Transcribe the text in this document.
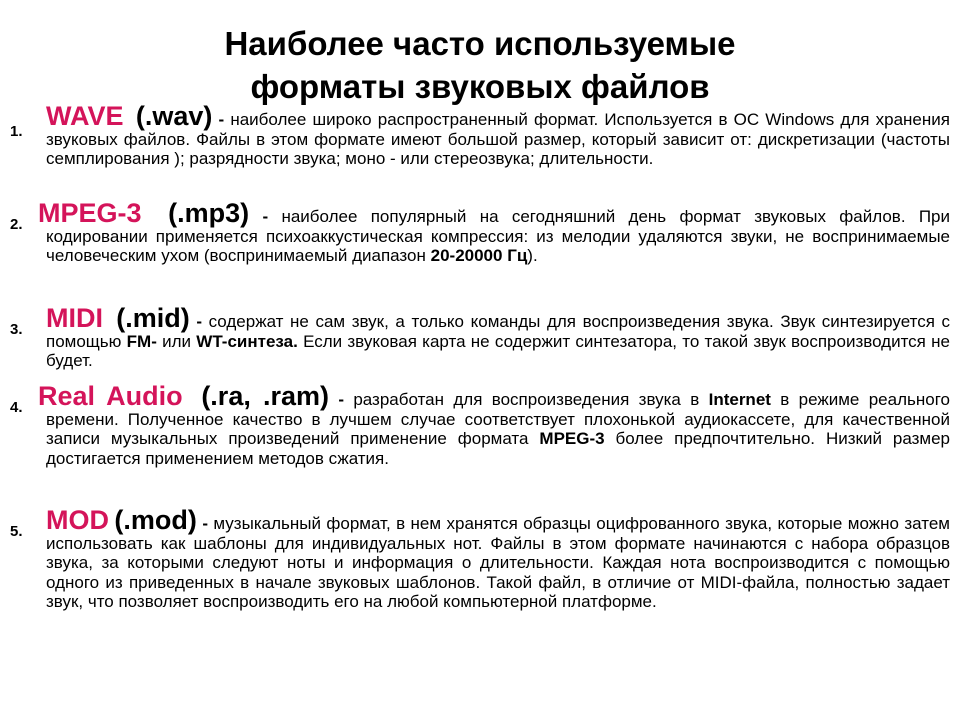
Наиболее часто используемые
форматы звуковых файлов
1.
WAVE (.wav) - наиболее широко распространенный формат. Используется в ОС Windows для хранения звуковых файлов. Файлы в этом формате имеют большой размер, который зависит от: дискретизации (частоты семплирования ); разрядности звука; моно - или стереозвука; длительности.
2. MPEG-3 (.mp3) - наиболее популярный на сегодняшний день формат звуковых файлов. При кодировании применяется психоаккустическая компрессия: из мелодии удаляются звуки, не воспринимаемые человеческим ухом (воспринимаемый диапазон 20-20000 Гц).
3. MIDI (.mid) - содержат не сам звук, а только команды для воспроизведения звука. Звук синтезируется с помощью FM- или WT-синтеза. Если звуковая карта не содержит синтезатора, то такой звук воспроизводится не будет.
4. Real Audio (.ra, .ram) - разработан для воспроизведения звука в Internet в режиме реального времени. Полученное качество в лучшем случае соответствует плохонькой аудиокассете, для качественной записи музыкальных произведений применение формата MPEG-3 более предпочтительно. Низкий размер достигается применением методов сжатия.
5. MOD (.mod) - музыкальный формат, в нем хранятся образцы оцифрованного звука, которые можно затем использовать как шаблоны для индивидуальных нот. Файлы в этом формате начинаются с набора образцов звука, за которыми следуют ноты и информация о длительности. Каждая нота воспроизводится с помощью одного из приведенных в начале звуковых шаблонов. Такой файл, в отличие от MIDI-файла, полностью задает звук, что позволяет воспроизводить его на любой компьютерной платформе.
